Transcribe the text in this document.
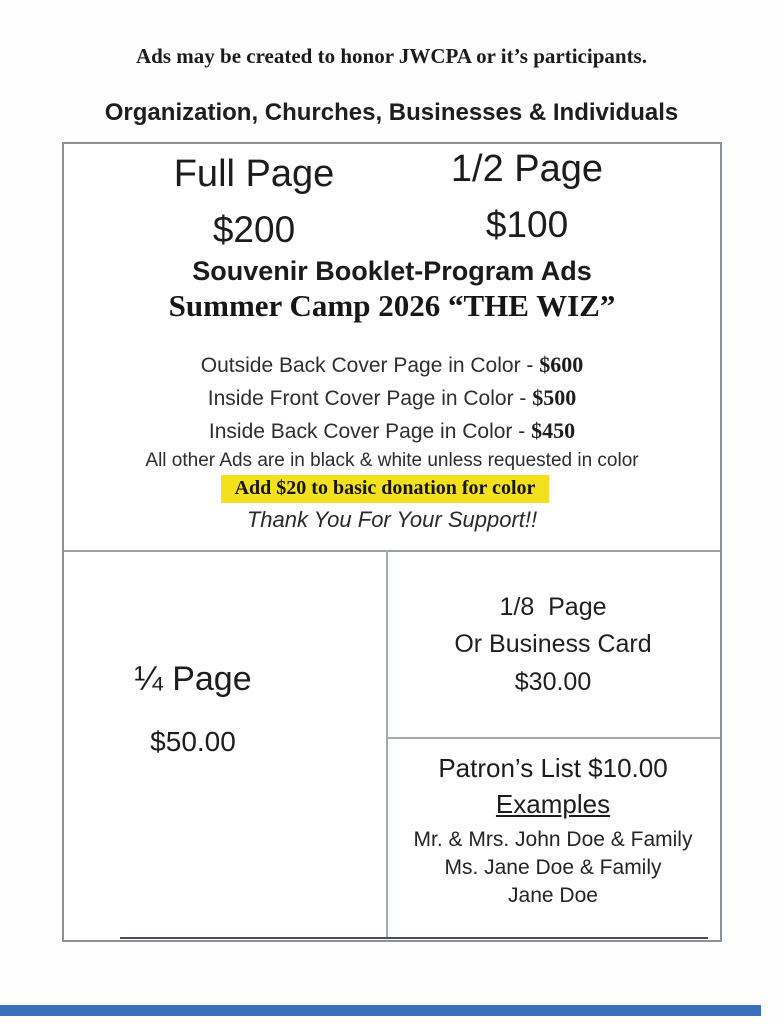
Ads may be created to honor JWCPA or it’s participants.
Organization, Churches, Businesses & Individuals
Full Page	1/2 Page
$200	$100
Souvenir Booklet-Program Ads
Summer Camp 2026 “THE WIZ”
Outside Back Cover Page in Color - $600
Inside Front Cover Page in Color - $500
Inside Back Cover Page in Color - $450
All other Ads are in black & white unless requested in color
Add $20 to basic donation for color
Thank You For Your Support!!
¼ Page
$50.00
1/8  Page
Or Business Card
$30.00
Patron’s List $10.00
Examples
Mr. & Mrs. John Doe & Family
Ms. Jane Doe & Family
Jane Doe
